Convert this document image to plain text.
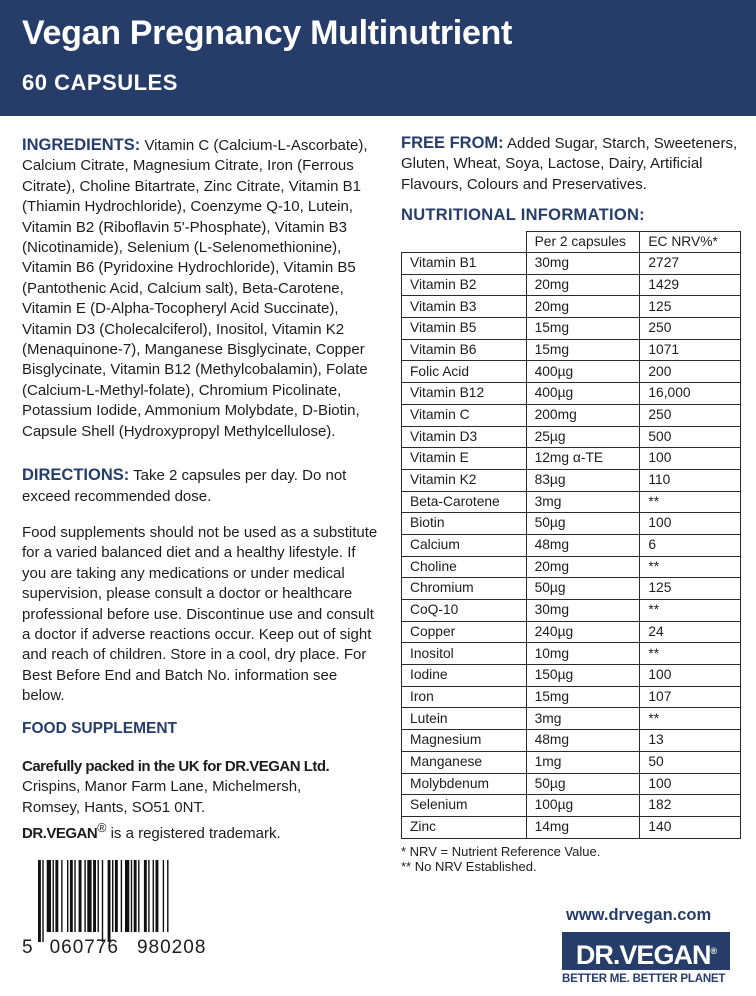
Vegan Pregnancy Multinutrient
60 CAPSULES

INGREDIENTS: Vitamin C (Calcium-L-Ascorbate), Calcium Citrate, Magnesium Citrate, Iron (Ferrous Citrate), Choline Bitartrate, Zinc Citrate, Vitamin B1 (Thiamin Hydrochloride), Coenzyme Q-10, Lutein, Vitamin B2 (Riboflavin 5'-Phosphate), Vitamin B3 (Nicotinamide), Selenium (L-Selenomethionine), Vitamin B6 (Pyridoxine Hydrochloride), Vitamin B5 (Pantothenic Acid, Calcium salt), Beta-Carotene, Vitamin E (D-Alpha-Tocopheryl Acid Succinate), Vitamin D3 (Cholecalciferol), Inositol, Vitamin K2 (Menaquinone-7), Manganese Bisglycinate, Copper Bisglycinate, Vitamin B12 (Methylcobalamin), Folate (Calcium-L-Methyl-folate), Chromium Picolinate, Potassium Iodide, Ammonium Molybdate, D-Biotin, Capsule Shell (Hydroxypropyl Methylcellulose).

DIRECTIONS: Take 2 capsules per day. Do not exceed recommended dose.

Food supplements should not be used as a substitute for a varied balanced diet and a healthy lifestyle. If you are taking any medications or under medical supervision, please consult a doctor or healthcare professional before use. Discontinue use and consult a doctor if adverse reactions occur. Keep out of sight and reach of children. Store in a cool, dry place. For Best Before End and Batch No. information see below.

FOOD SUPPLEMENT
Carefully packed in the UK for DR.VEGAN Ltd.
Crispins, Manor Farm Lane, Michelmersh,
Romsey, Hants, SO51 0NT.
DR.VEGAN® is a registered trademark.

FREE FROM: Added Sugar, Starch, Sweeteners, Gluten, Wheat, Soya, Lactose, Dairy, Artificial Flavours, Colours and Preservatives.

NUTRITIONAL INFORMATION:
	Per 2 capsules	EC NRV%*
Vitamin B1	30mg	2727
Vitamin B2	20mg	1429
Vitamin B3	20mg	125
Vitamin B5	15mg	250
Vitamin B6	15mg	1071
Folic Acid	400µg	200
Vitamin B12	400µg	16,000
Vitamin C	200mg	250
Vitamin D3	25µg	500
Vitamin E	12mg α-TE	100
Vitamin K2	83µg	110
Beta-Carotene	3mg	**
Biotin	50µg	100
Calcium	48mg	6
Choline	20mg	**
Chromium	50µg	125
CoQ-10	30mg	**
Copper	240µg	24
Inositol	10mg	**
Iodine	150µg	100
Iron	15mg	107
Lutein	3mg	**
Magnesium	48mg	13
Manganese	1mg	50
Molybdenum	50µg	100
Selenium	100µg	182
Zinc	14mg	140
* NRV = Nutrient Reference Value.
** No NRV Established.
5 060776 980208
www.drvegan.com
DR.VEGAN®
BETTER ME. BETTER PLANET
